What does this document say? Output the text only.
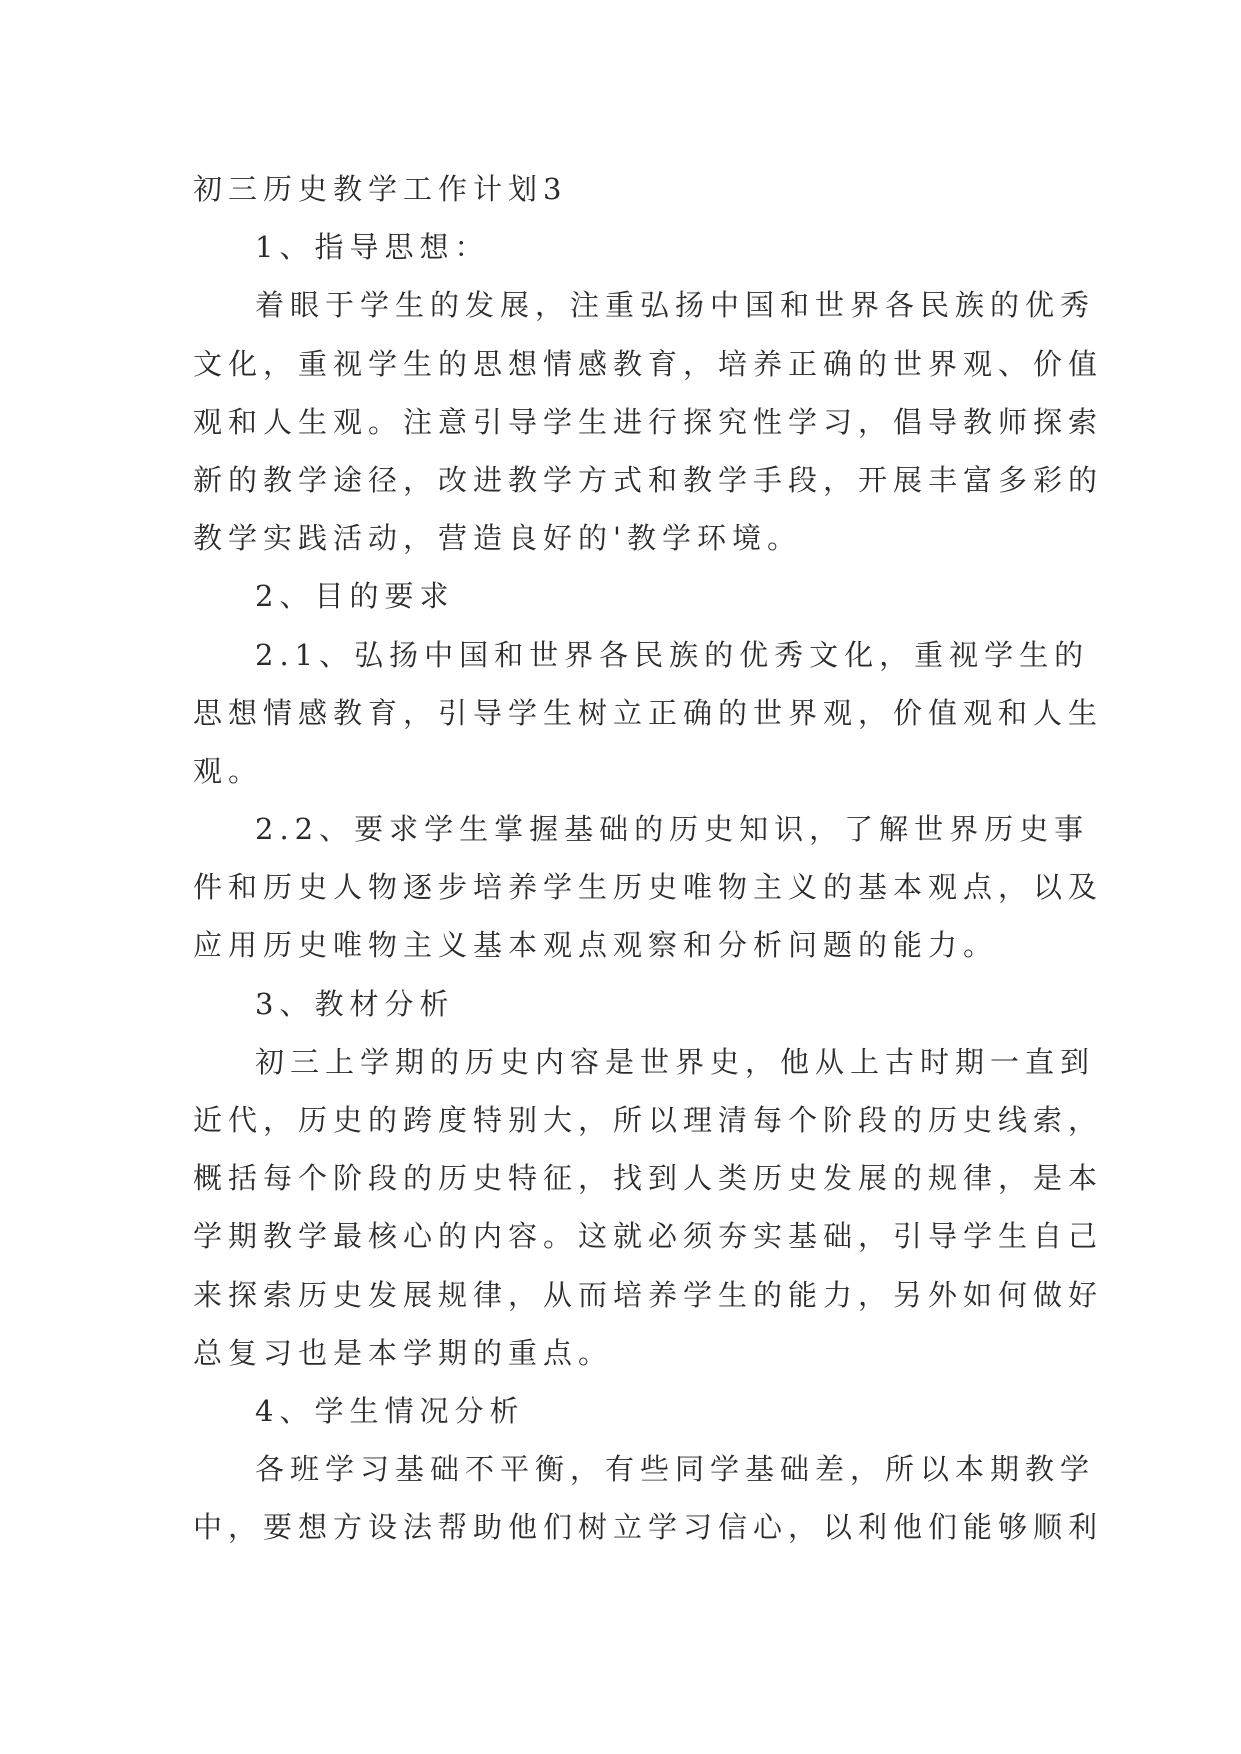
初三历史教学工作计划3
1、指导思想：
着眼于学生的发展，注重弘扬中国和世界各民族的优秀
文化，重视学生的思想情感教育，培养正确的世界观、价值
观和人生观。注意引导学生进行探究性学习，倡导教师探索
新的教学途径，改进教学方式和教学手段，开展丰富多彩的
教学实践活动，营造良好的'教学环境。
2、目的要求
2.1、弘扬中国和世界各民族的优秀文化，重视学生的
思想情感教育，引导学生树立正确的世界观，价值观和人生
观。
2.2、要求学生掌握基础的历史知识，了解世界历史事
件和历史人物逐步培养学生历史唯物主义的基本观点，以及
应用历史唯物主义基本观点观察和分析问题的能力。
3、教材分析
初三上学期的历史内容是世界史，他从上古时期一直到
近代，历史的跨度特别大，所以理清每个阶段的历史线索，
概括每个阶段的历史特征，找到人类历史发展的规律，是本
学期教学最核心的内容。这就必须夯实基础，引导学生自己
来探索历史发展规律，从而培养学生的能力，另外如何做好
总复习也是本学期的重点。
4、学生情况分析
各班学习基础不平衡，有些同学基础差，所以本期教学
中，要想方设法帮助他们树立学习信心，以利他们能够顺利
